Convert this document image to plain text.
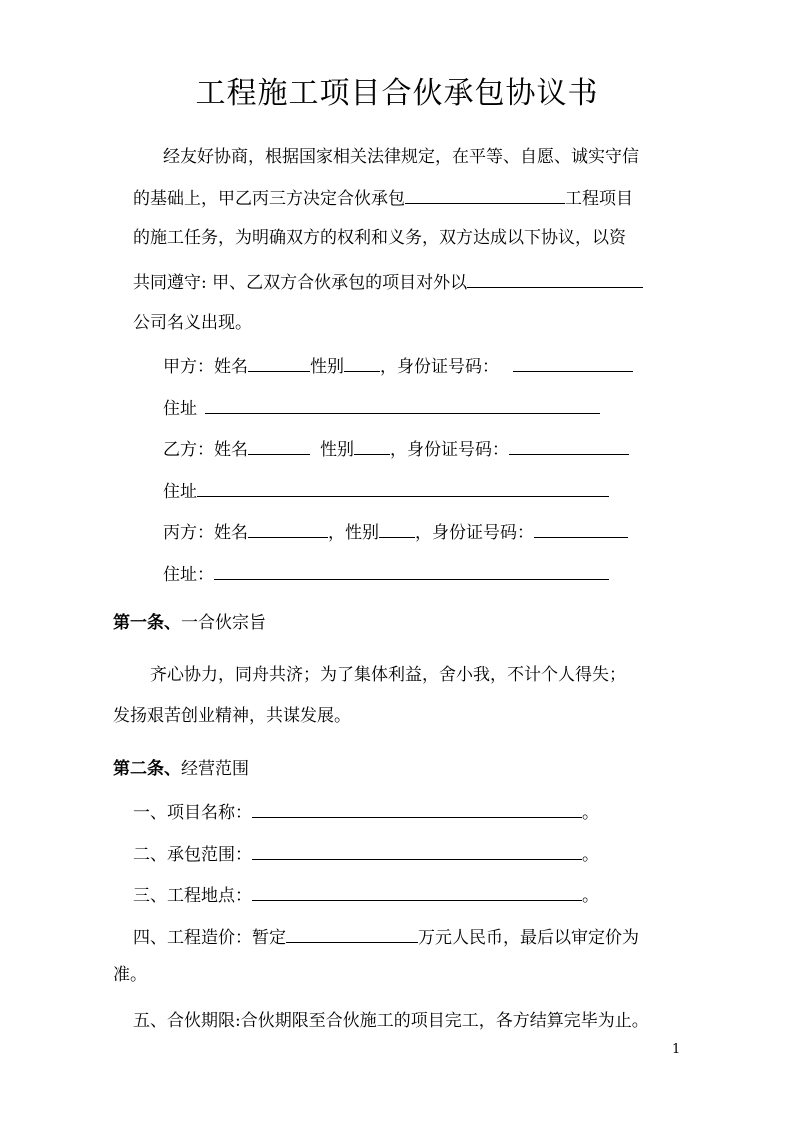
工程施工项目合伙承包协议书
经友好协商，根据国家相关法律规定，在平等、自愿、诚实守信
的基础上，甲乙丙三方决定合伙承包	工程项目
的施工任务，为明确双方的权利和义务，双方达成以下协议，以资
共同遵守: 甲、乙双方合伙承包的项目对外以
公司名义出现。
甲方：姓名	性别 ，身份证号码：
住址
乙方：姓名	性别 ，身份证号码：
住址
丙方：姓名	，性别 ，身份证号码：
住址：
第一条、一合伙宗旨
齐心协力，同舟共济；为了集体利益，舍小我，不计个人得失；
发扬艰苦创业精神，共谋发展。
第二条、经营范围
一、项目名称：	。
二、承包范围：	。
三、工程地点：	。
四、工程造价：暂定	万元人民币，最后以审定价为
准。
五、合伙期限:合伙期限至合伙施工的项目完工，各方结算完毕为止。
1
